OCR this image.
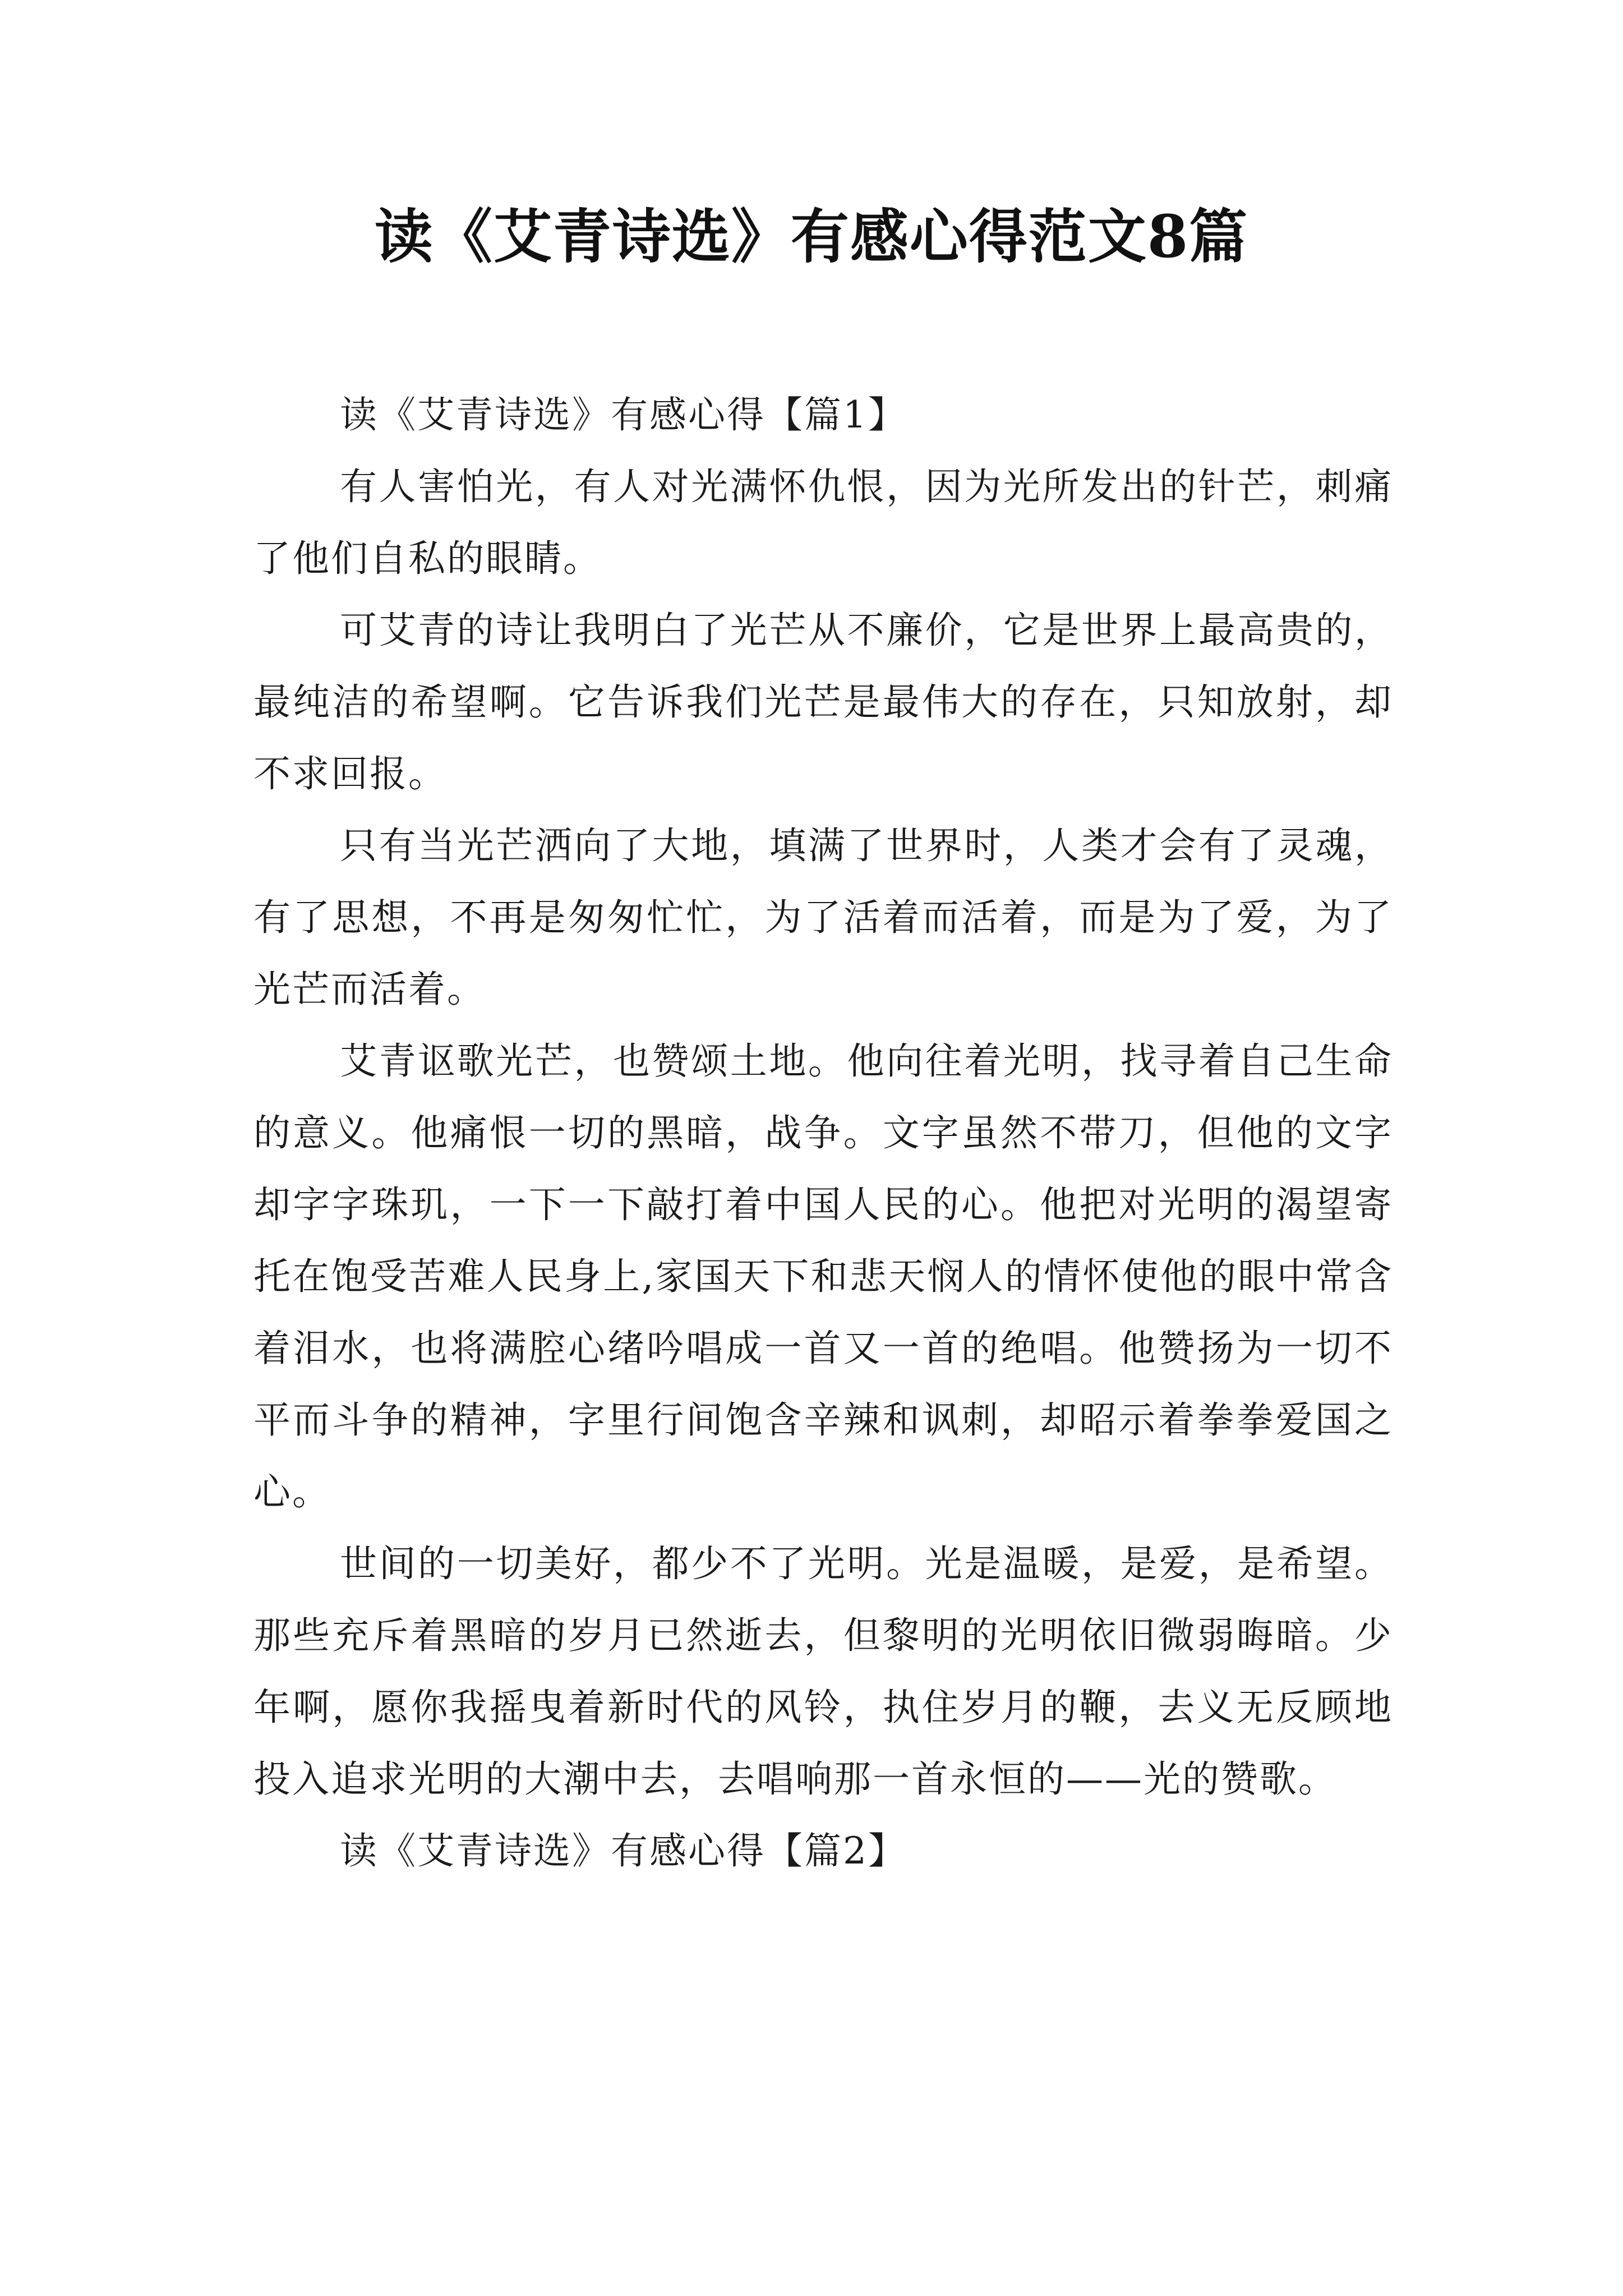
读《艾青诗选》有感心得范文8篇

读《艾青诗选》有感心得【篇1】

有人害怕光，有人对光满怀仇恨，因为光所发出的针芒，刺痛了他们自私的眼睛。

可艾青的诗让我明白了光芒从不廉价，它是世界上最高贵的，最纯洁的希望啊。它告诉我们光芒是最伟大的存在，只知放射，却不求回报。

只有当光芒洒向了大地，填满了世界时，人类才会有了灵魂，有了思想，不再是匆匆忙忙，为了活着而活着，而是为了爱，为了光芒而活着。

艾青讴歌光芒，也赞颂土地。他向往着光明，找寻着自己生命的意义。他痛恨一切的黑暗，战争。文字虽然不带刀，但他的文字却字字珠玑，一下一下敲打着中国人民的心。他把对光明的渴望寄托在饱受苦难人民身上,家国天下和悲天悯人的情怀使他的眼中常含着泪水，也将满腔心绪吟唱成一首又一首的绝唱。他赞扬为一切不平而斗争的精神，字里行间饱含辛辣和讽刺，却昭示着拳拳爱国之心。

世间的一切美好，都少不了光明。光是温暖，是爱，是希望。那些充斥着黑暗的岁月已然逝去，但黎明的光明依旧微弱晦暗。少年啊，愿你我摇曳着新时代的风铃，执住岁月的鞭，去义无反顾地投入追求光明的大潮中去，去唱响那一首永恒的——光的赞歌。

读《艾青诗选》有感心得【篇2】
